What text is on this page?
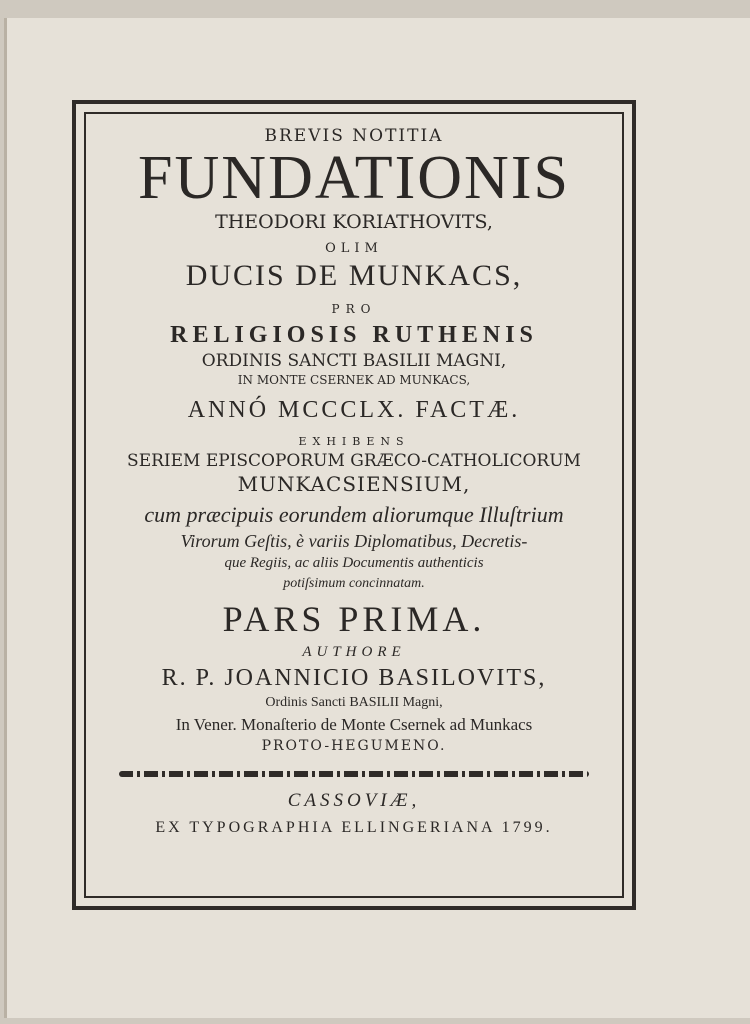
BREVIS NOTITIA
FUNDATIONIS
THEODORI KORIATHOVITS,
OLIM
DUCIS DE MUNKACS,
PRO
RELIGIOSIS RUTHENIS
ORDINIS SANCTI BASILII MAGNI,
IN MONTE CSERNEK AD MUNKACS,
ANNÓ MCCCLX. FACTÆ.
EXHIBENS
SERIEM EPISCOPORUM GRÆCO-CATHOLICORUM
MUNKACSIENSIUM,
cum præcipuis eorundem aliorumque Illuſtrium
Virorum Geſtis, è variis Diplomatibus, Decretis-
que Regiis, ac aliis Documentis authenticis
potiſsimum concinnatam.
PARS PRIMA.
AUTHORE
R. P. JOANNICIO BASILOVITS,
Ordinis Sancti BASILII Magni,
In Vener. Monaſterio de Monte Csernek ad Munkacs
PROTO-HEGUMENO.
CASSOVIÆ,
EX TYPOGRAPHIA ELLINGERIANA 1799.
